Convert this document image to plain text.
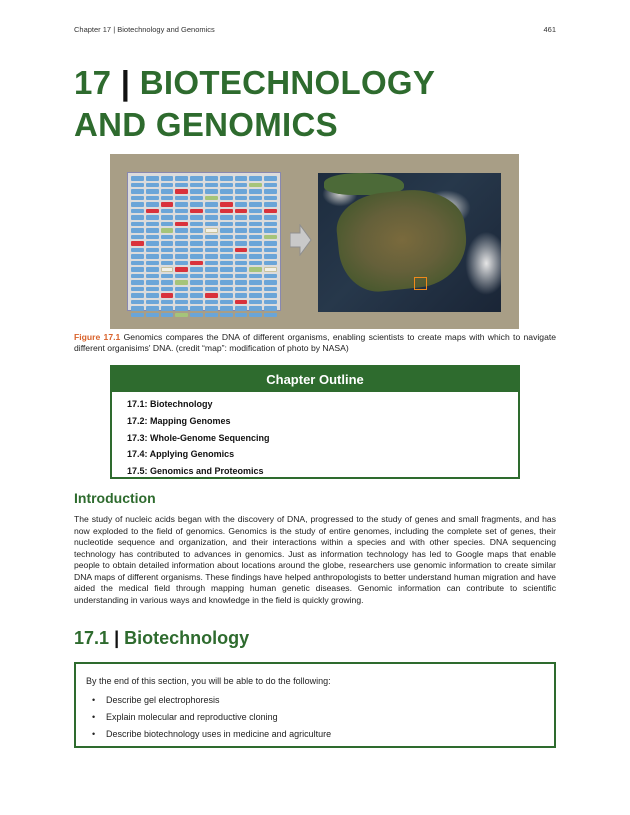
Chapter 17 | Biotechnology and Genomics	461
17 | BIOTECHNOLOGY
AND GENOMICS

Figure 17.1 Genomics compares the DNA of different organisms, enabling scientists to create maps with which to navigate different organisims' DNA. (credit “map”: modification of photo by NASA)

Chapter Outline
17.1: Biotechnology
17.2: Mapping Genomes
17.3: Whole-Genome Sequencing
17.4: Applying Genomics
17.5: Genomics and Proteomics
Introduction

The study of nucleic acids began with the discovery of DNA, progressed to the study of genes and small fragments, and has now exploded to the field of genomics. Genomics is the study of entire genomes, including the complete set of genes, their nucleotide sequence and organization, and their interactions within a species and with other species. DNA sequencing technology has contributed to advances in genomics. Just as information technology has led to Google maps that enable people to obtain detailed information about locations around the globe, researchers use genomic information to create similar DNA maps of different organisms. These findings have helped anthropologists to better understand human migration and have aided the medical field through mapping human genetic diseases. Genomic information can contribute to scientific understanding in various ways and knowledge in the field is quickly growing.

17.1 | Biotechnology

By the end of this section, you will be able to do the following:

•	Describe gel electrophoresis
•	Explain molecular and reproductive cloning
•	Describe biotechnology uses in medicine and agriculture
